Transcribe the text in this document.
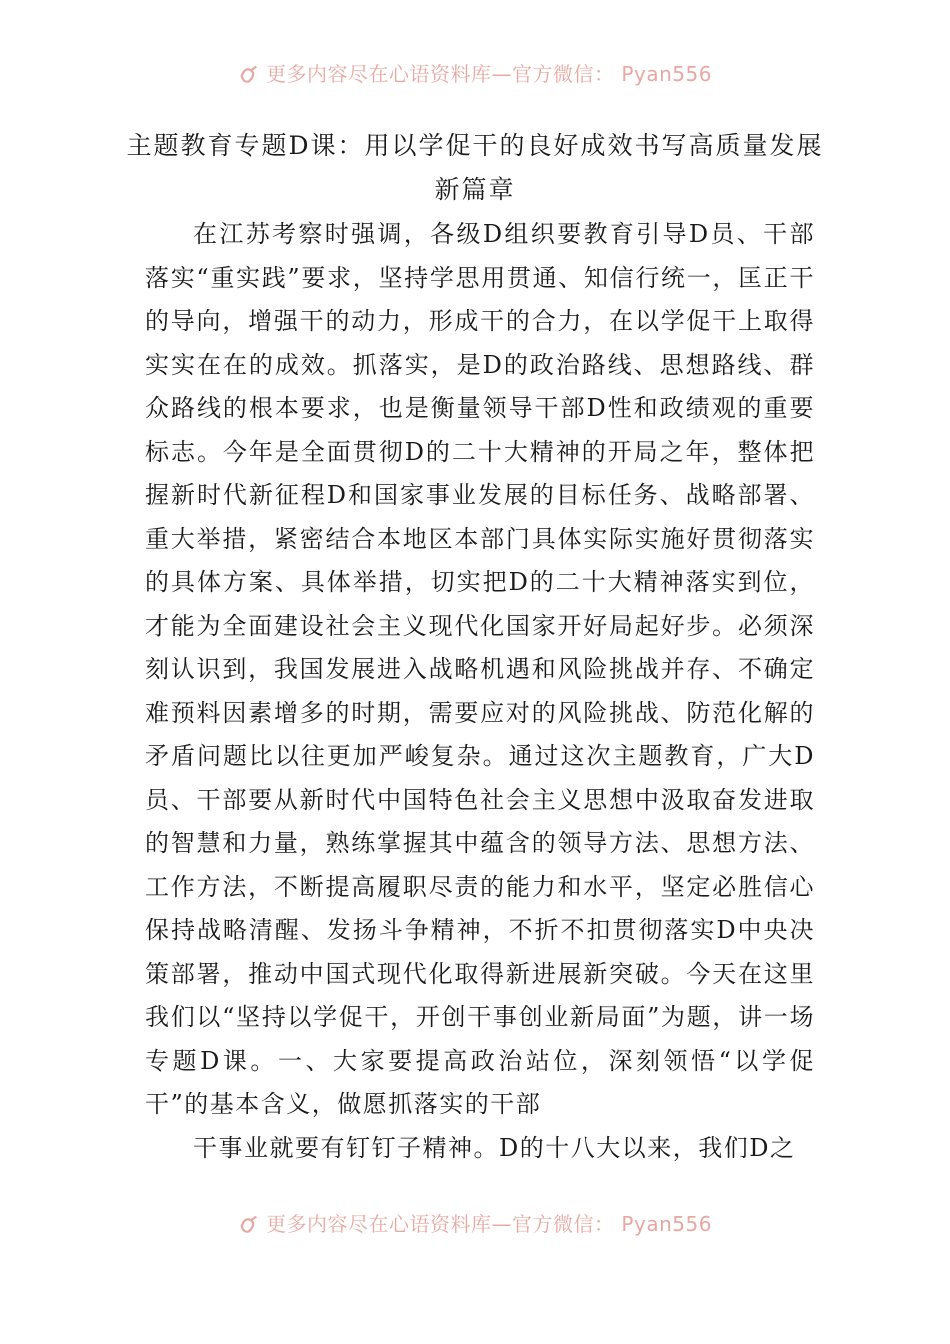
更多内容尽在心语资料库—官方微信： Pyan556
主题教育专题D课：用以学促干的良好成效书写高质量发展
新篇章

在江苏考察时强调，各级D组织要教育引导D员、干部落实“重实践”要求，坚持学思用贯通、知信行统一，匡正干的导向，增强干的动力，形成干的合力，在以学促干上取得实实在在的成效。抓落实，是D的政治路线、思想路线、群众路线的根本要求，也是衡量领导干部D性和政绩观的重要标志。今年是全面贯彻D的二十大精神的开局之年，整体把握新时代新征程D和国家事业发展的目标任务、战略部署、重大举措，紧密结合本地区本部门具体实际实施好贯彻落实的具体方案、具体举措，切实把D的二十大精神落实到位，才能为全面建设社会主义现代化国家开好局起好步。必须深刻认识到，我国发展进入战略机遇和风险挑战并存、不确定难预料因素增多的时期，需要应对的风险挑战、防范化解的矛盾问题比以往更加严峻复杂。通过这次主题教育，广大D员、干部要从新时代中国特色社会主义思想中汲取奋发进取的智慧和力量，熟练掌握其中蕴含的领导方法、思想方法、工作方法，不断提高履职尽责的能力和水平，坚定必胜信心保持战略清醒、发扬斗争精神，不折不扣贯彻落实D中央决策部署，推动中国式现代化取得新进展新突破。今天在这里我们以“坚持以学促干，开创干事创业新局面”为题，讲一场专题D课。一、大家要提高政治站位，深刻领悟“以学促干”的基本含义，做愿抓落实的干部

干事业就要有钉钉子精神。D的十八大以来，我们D之

更多内容尽在心语资料库—官方微信： Pyan556
